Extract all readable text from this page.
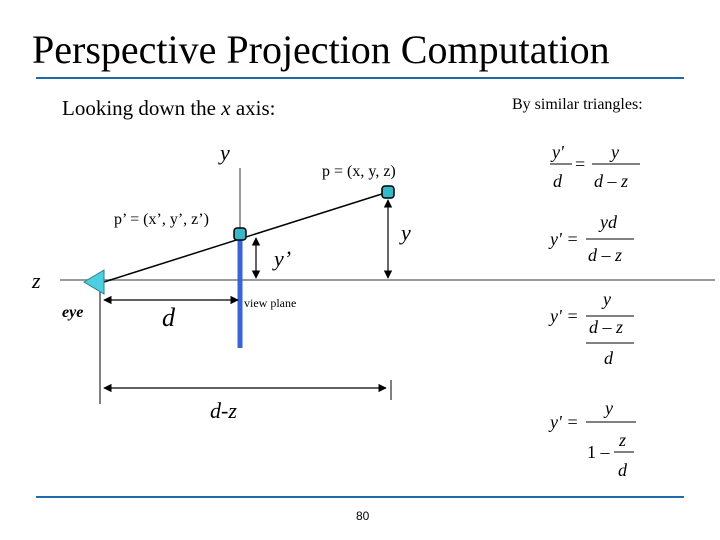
Perspective Projection Computation
Looking down the x axis:	By similar triangles:
y
z
eye
p = (x, y, z)
p’ = (x’, y’, z’)
y
y’
d	view plane
d-z
y'
d
=
y
d – z
y' =
yd
d – z
y' =
y
d – z
d
y' =
y
1 –
z
d
80
